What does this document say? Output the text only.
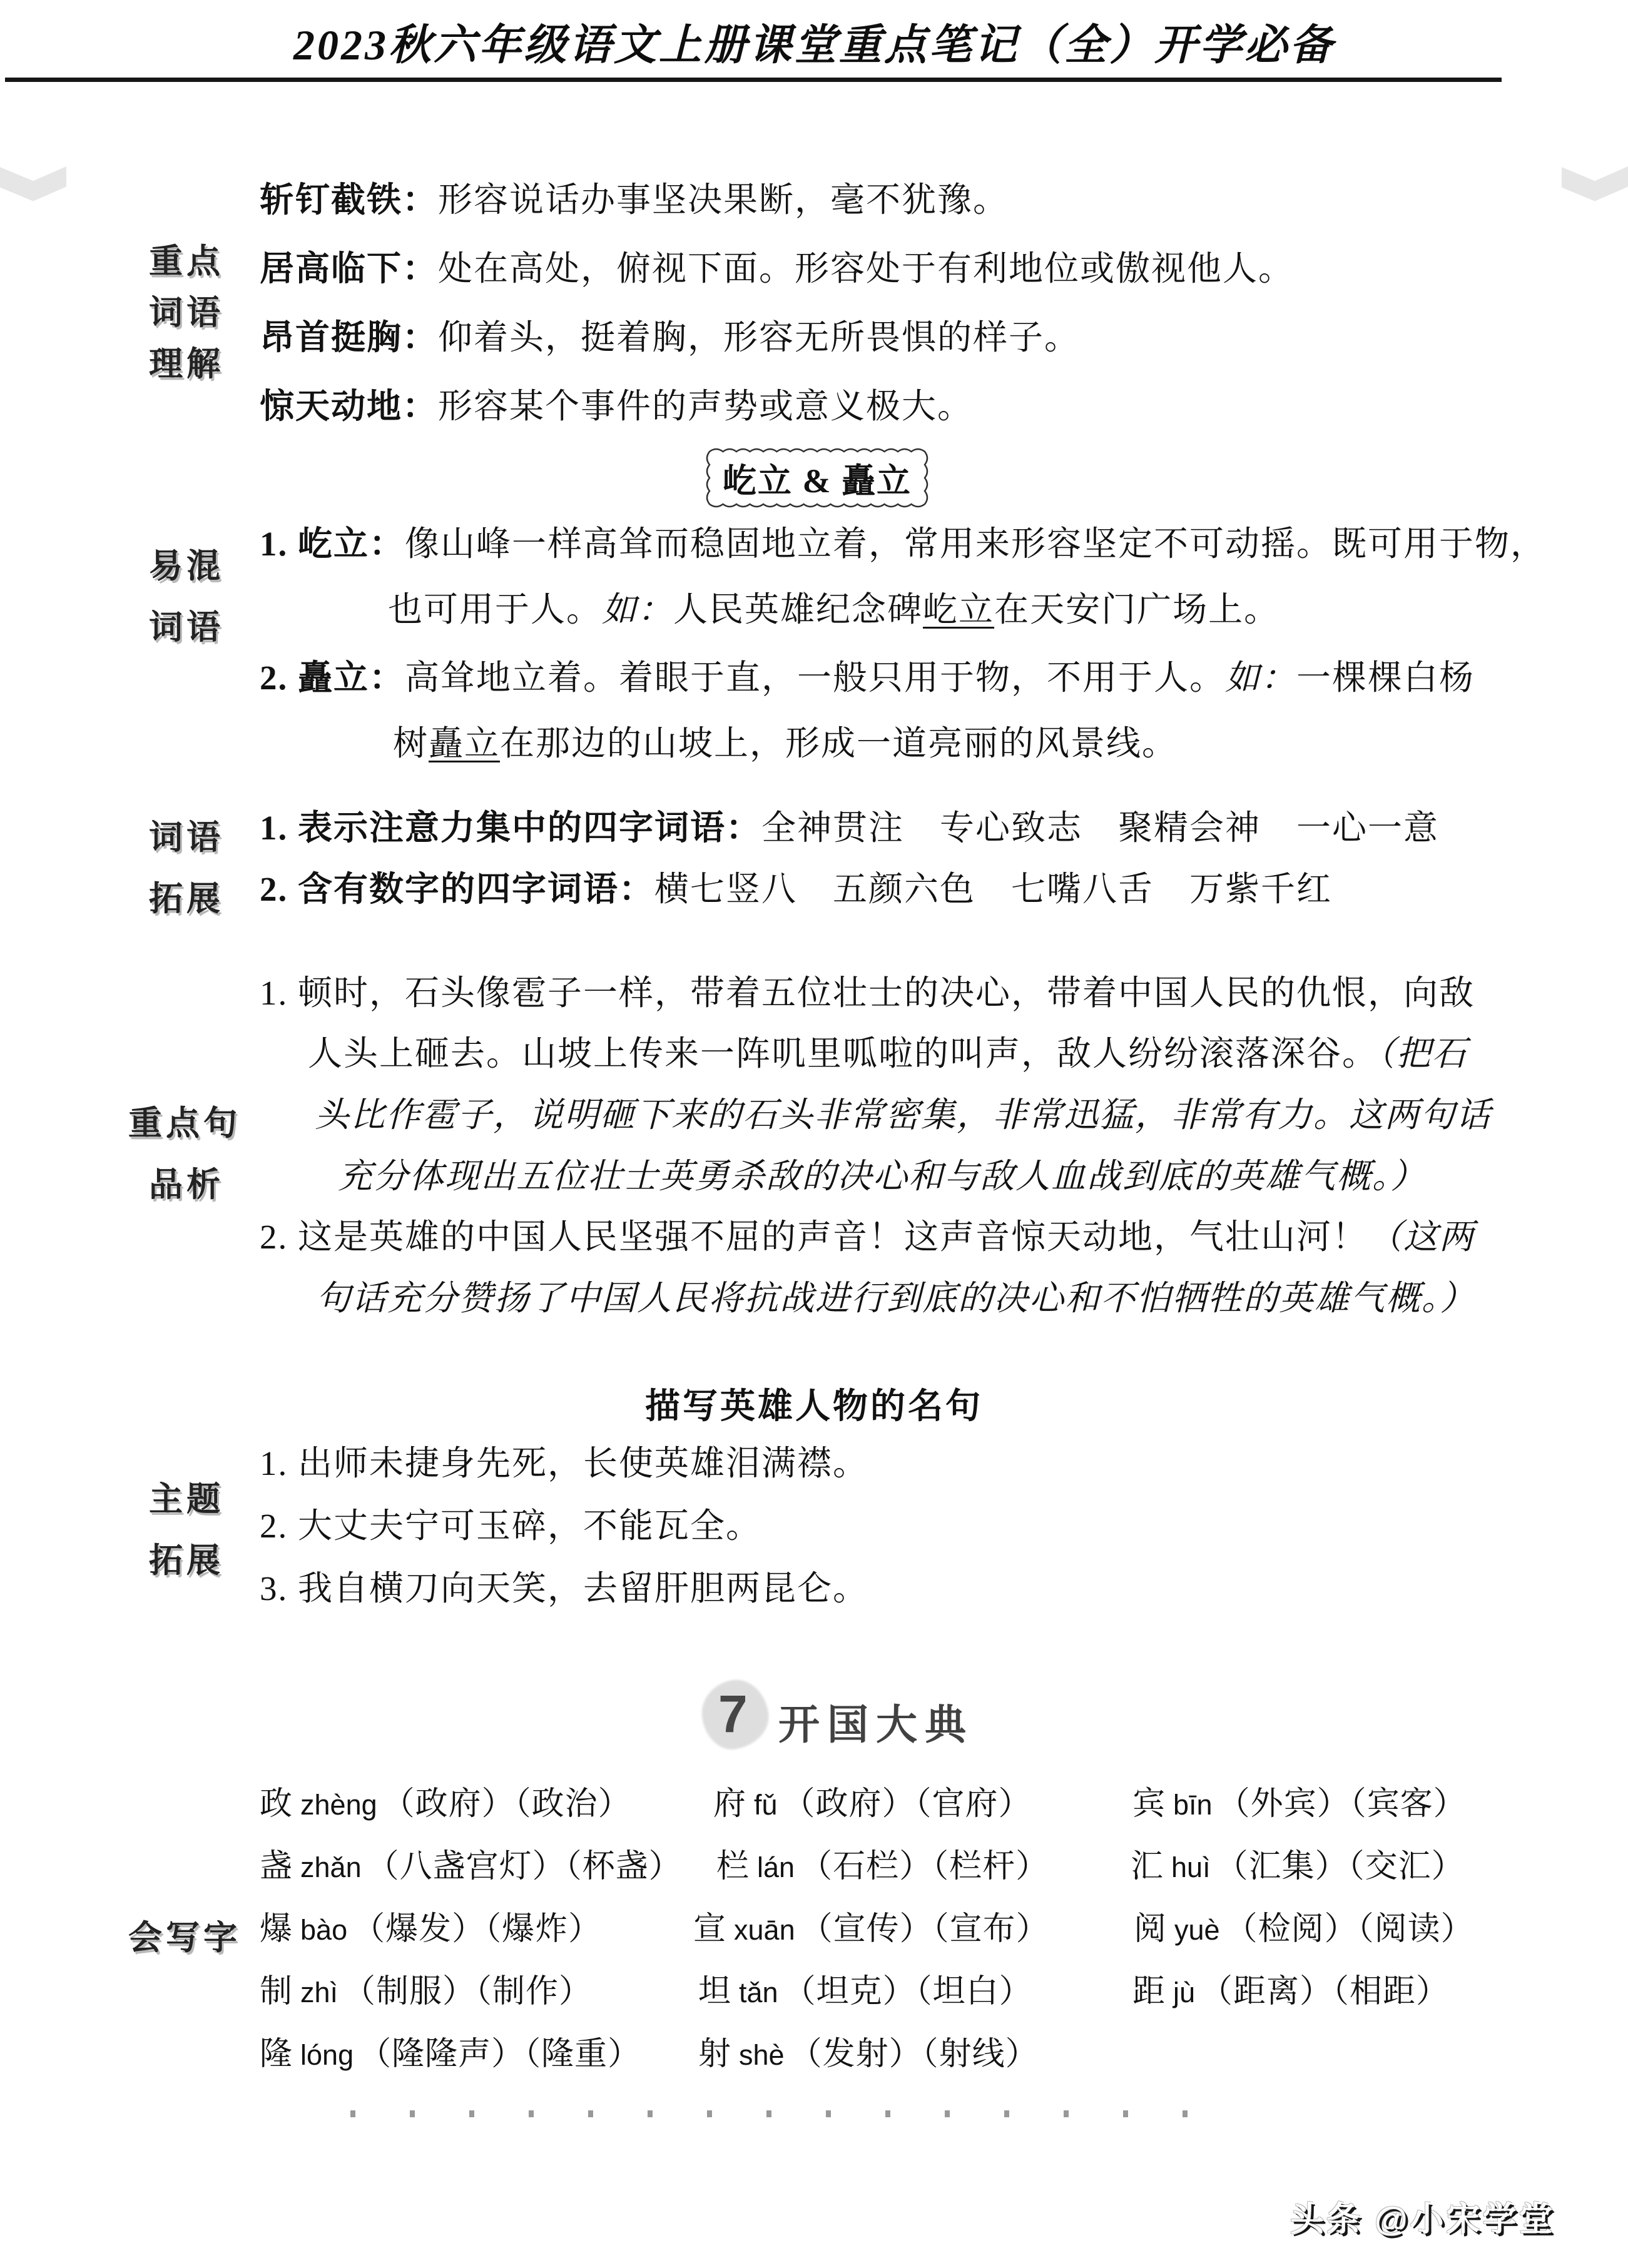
2023秋六年级语文上册课堂重点笔记（全）开学必备
重点
词语
理解
斩钉截铁：形容说话办事坚决果断，毫不犹豫。
居高临下：处在高处，俯视下面。形容处于有利地位或傲视他人。
昂首挺胸：仰着头，挺着胸，形容无所畏惧的样子。
惊天动地：形容某个事件的声势或意义极大。
屹立 & 矗立
易混
词语
1. 屹立：像山峰一样高耸而稳固地立着，常用来形容坚定不可动摇。既可用于物，
也可用于人。如：人民英雄纪念碑屹立在天安门广场上。
2. 矗立：高耸地立着。着眼于直，一般只用于物，不用于人。如：一棵棵白杨
树矗立在那边的山坡上，形成一道亮丽的风景线。
词语
拓展
1. 表示注意力集中的四字词语：全神贯注　专心致志　聚精会神　一心一意
2. 含有数字的四字词语：横七竖八　五颜六色　七嘴八舌　万紫千红
重点句
品析
1. 顿时，石头像雹子一样，带着五位壮士的决心，带着中国人民的仇恨，向敌
人头上砸去。山坡上传来一阵叽里呱啦的叫声，敌人纷纷滚落深谷。（把石
头比作雹子，说明砸下来的石头非常密集，非常迅猛，非常有力。这两句话
充分体现出五位壮士英勇杀敌的决心和与敌人血战到底的英雄气概。）
2. 这是英雄的中国人民坚强不屈的声音！这声音惊天动地，气壮山河！（这两
句话充分赞扬了中国人民将抗战进行到底的决心和不怕牺牲的英雄气概。）
描写英雄人物的名句
主题
拓展
1. 出师未捷身先死，长使英雄泪满襟。
2. 大丈夫宁可玉碎，不能瓦全。
3. 我自横刀向天笑，去留肝胆两昆仑。
7 开国大典
会写字
政 zhèng （政府）（政治）	府 fǔ （政府）（官府）	宾 bīn （外宾）（宾客）
盏 zhǎn （八盏宫灯）（杯盏） 栏 lán （石栏）（栏杆）	汇 huì （汇集）（交汇）
爆 bào （爆发）（爆炸）	宣 xuān （宣传）（宣布）	阅 yuè （检阅）（阅读）
制 zhì （制服）（制作）	坦 tǎn （坦克）（坦白）	距 jù （距离）（相距）
隆 lóng （隆隆声）（隆重） 射 shè （发射）（射线）
头条 @小宋学堂
